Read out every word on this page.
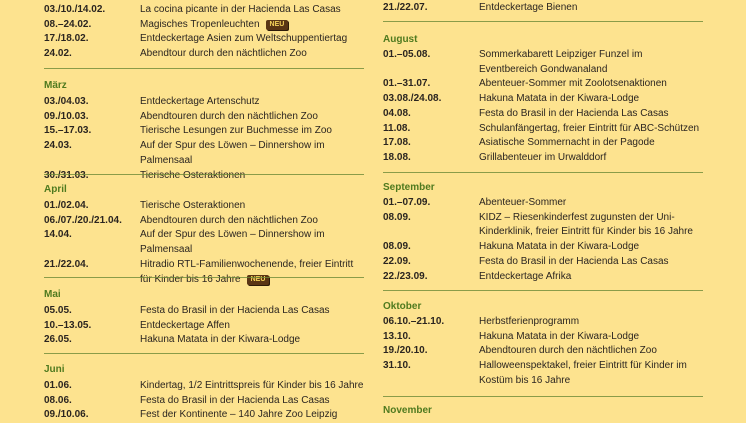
03./10./14.02.	La cocina picante in der Hacienda Las Casas
08.–24.02.	Magisches Tropenleuchten NEU
17./18.02.	Entdeckertage Asien zum Weltschuppentiertag
24.02.	Abendtour durch den nächtlichen Zoo
März
03./04.03.	Entdeckertage Artenschutz
09./10.03.	Abendtouren durch den nächtlichen Zoo
15.–17.03.	Tierische Lesungen zur Buchmesse im Zoo
24.03.	Auf der Spur des Löwen – Dinnershow im Palmensaal
30./31.03.	Tierische Osteraktionen
April
01./02.04.	Tierische Osteraktionen
06./07./20./21.04.	Abendtouren durch den nächtlichen Zoo
14.04.	Auf der Spur des Löwen – Dinnershow im Palmensaal
21./22.04.	Hitradio RTL-Familienwochenende, freier Eintritt für Kinder bis 16 Jahre NEU
Mai
05.05.	Festa do Brasil in der Hacienda Las Casas
10.–13.05.	Entdeckertage Affen
26.05.	Hakuna Matata in der Kiwara-Lodge
Juni
01.06.	Kindertag, 1/2 Eintrittspreis für Kinder bis 16 Jahre
08.06.	Festa do Brasil in der Hacienda Las Casas
09./10.06.	Fest der Kontinente – 140 Jahre Zoo Leipzig
21./22.07.	Entdeckertage Bienen
August
01.–05.08.	Sommerkabarett Leipziger Funzel im Eventbereich Gondwanaland
01.–31.07.	Abenteuer-Sommer mit Zoolotsenaktionen
03.08./24.08.	Hakuna Matata in der Kiwara-Lodge
04.08.	Festa do Brasil in der Hacienda Las Casas
11.08.	Schulanfängertag, freier Eintritt für ABC-Schützen
17.08.	Asiatische Sommernacht in der Pagode
18.08.	Grillabenteuer im Urwalddorf
September
01.–07.09.	Abenteuer-Sommer
08.09.	KIDZ – Riesenkinderfest zugunsten der Uni-Kinderklinik, freier Eintritt für Kinder bis 16 Jahre
08.09.	Hakuna Matata in der Kiwara-Lodge
22.09.	Festa do Brasil in der Hacienda Las Casas
22./23.09.	Entdeckertage Afrika
Oktober
06.10.–21.10.	Herbstferienprogramm
13.10.	Hakuna Matata in der Kiwara-Lodge
19./20.10.	Abendtouren durch den nächtlichen Zoo
31.10.	Halloweenspektakel, freier Eintritt für Kinder im Kostüm bis 16 Jahre
November
